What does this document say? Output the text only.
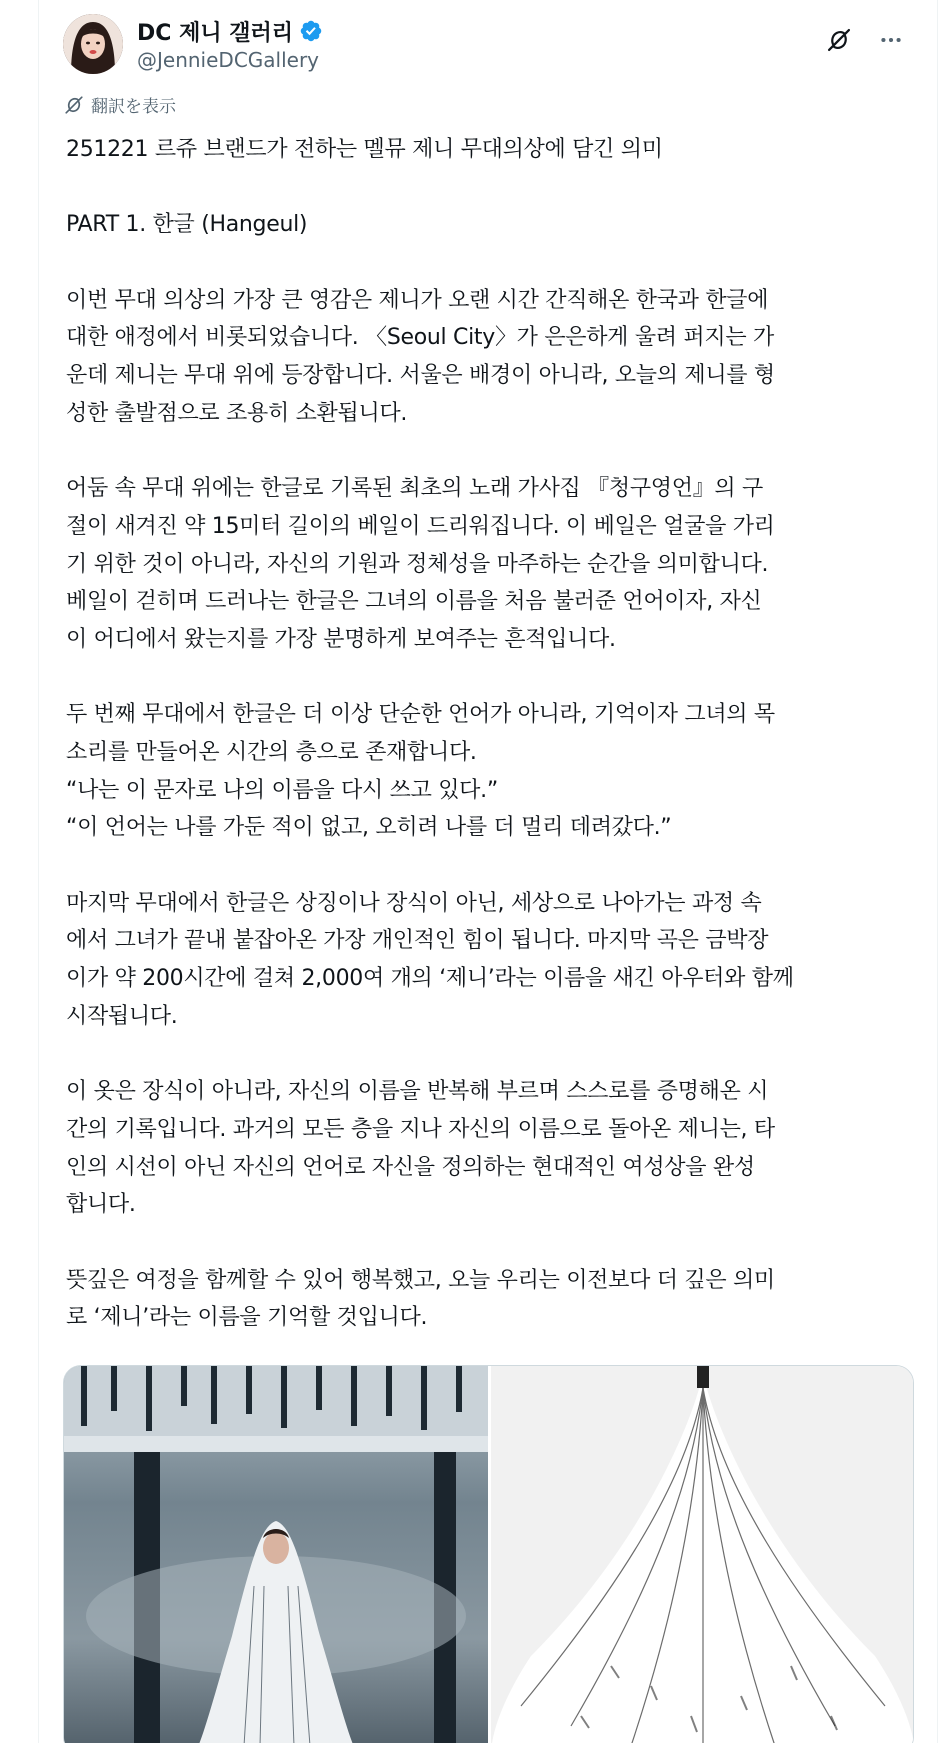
DC 제니 갤러리
@JennieDCGallery
翻訳を表示
251221 르쥬 브랜드가 전하는 멜뮤 제니 무대의상에 담긴 의미
PART 1. 한글 (Hangeul)
이번 무대 의상의 가장 큰 영감은 제니가 오랜 시간 간직해온 한국과 한글에
대한 애정에서 비롯되었습니다. 〈Seoul City〉가 은은하게 울려 퍼지는 가
운데 제니는 무대 위에 등장합니다. 서울은 배경이 아니라, 오늘의 제니를 형
성한 출발점으로 조용히 소환됩니다.
어둠 속 무대 위에는 한글로 기록된 최초의 노래 가사집 『청구영언』의 구
절이 새겨진 약 15미터 길이의 베일이 드리워집니다. 이 베일은 얼굴을 가리
기 위한 것이 아니라, 자신의 기원과 정체성을 마주하는 순간을 의미합니다.
베일이 걷히며 드러나는 한글은 그녀의 이름을 처음 불러준 언어이자, 자신
이 어디에서 왔는지를 가장 분명하게 보여주는 흔적입니다.
두 번째 무대에서 한글은 더 이상 단순한 언어가 아니라, 기억이자 그녀의 목
소리를 만들어온 시간의 층으로 존재합니다.
“나는 이 문자로 나의 이름을 다시 쓰고 있다.”
“이 언어는 나를 가둔 적이 없고, 오히려 나를 더 멀리 데려갔다.”
마지막 무대에서 한글은 상징이나 장식이 아닌, 세상으로 나아가는 과정 속
에서 그녀가 끝내 붙잡아온 가장 개인적인 힘이 됩니다. 마지막 곡은 금박장
이가 약 200시간에 걸쳐 2,000여 개의 ‘제니’라는 이름을 새긴 아우터와 함께
시작됩니다.
이 옷은 장식이 아니라, 자신의 이름을 반복해 부르며 스스로를 증명해온 시
간의 기록입니다. 과거의 모든 층을 지나 자신의 이름으로 돌아온 제니는, 타
인의 시선이 아닌 자신의 언어로 자신을 정의하는 현대적인 여성상을 완성
합니다.
뜻깊은 여정을 함께할 수 있어 행복했고, 오늘 우리는 이전보다 더 깊은 의미
로 ‘제니’라는 이름을 기억할 것입니다.
